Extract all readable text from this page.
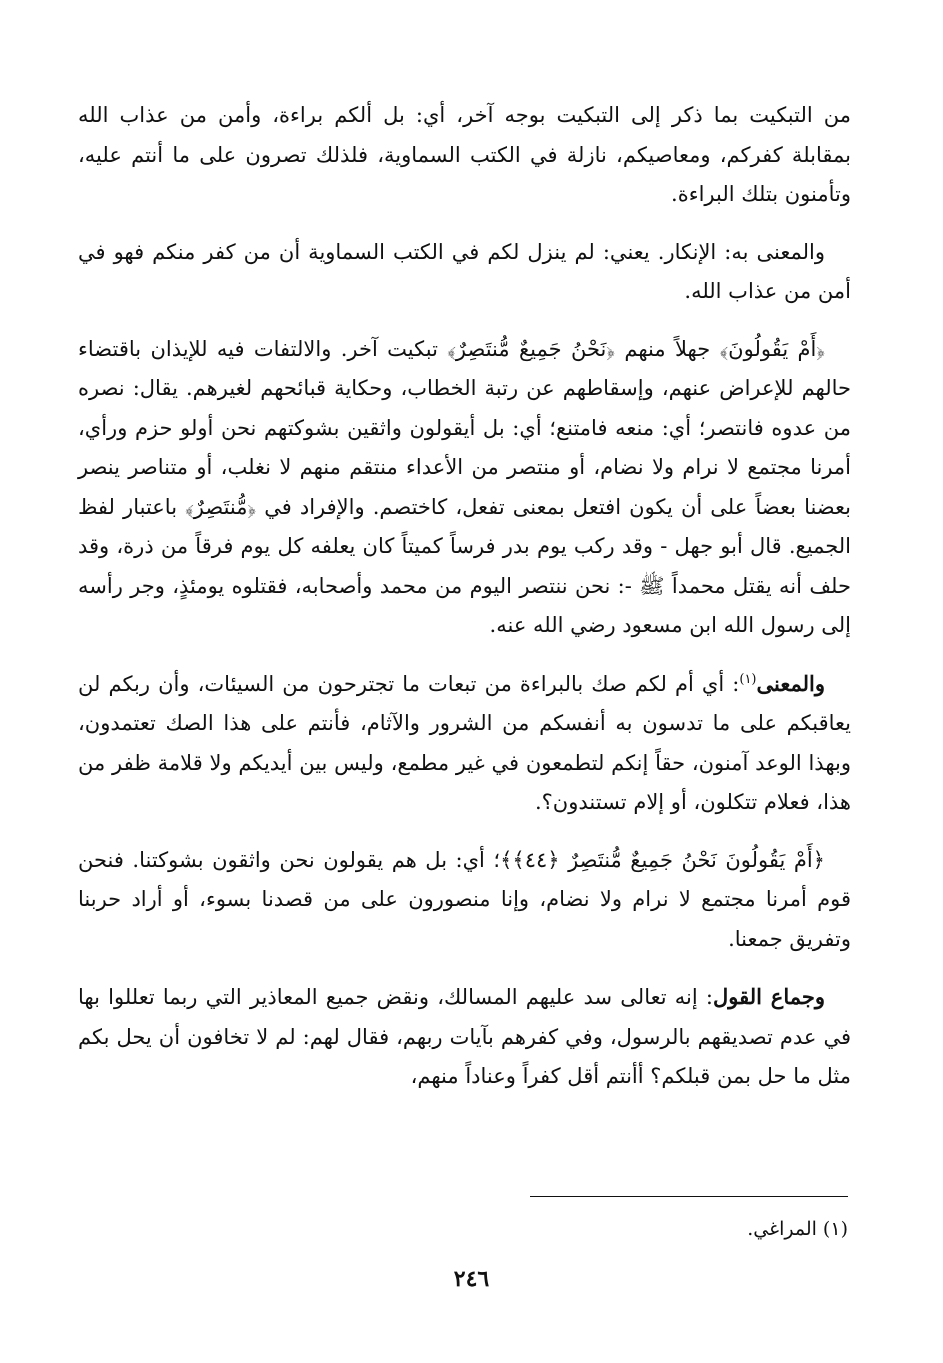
من التبكيت بما ذكر إلى التبكيت بوجه آخر، أي: بل ألكم براءة، وأمن من عذاب الله بمقابلة كفركم، ومعاصيكم، نازلة في الكتب السماوية، فلذلك تصرون على ما أنتم عليه، وتأمنون بتلك البراءة.

والمعنى به: الإنكار. يعني: لم ينزل لكم في الكتب السماوية أن من كفر منكم فهو في أمن من عذاب الله.

﴿أَمْ يَقُولُونَ﴾ جهلاً منهم ﴿نَحْنُ جَمِيعٌ مُّنتَصِرٌ﴾ تبكيت آخر. والالتفات فيه للإيذان باقتضاء حالهم للإعراض عنهم، وإسقاطهم عن رتبة الخطاب، وحكاية قبائحهم لغيرهم. يقال: نصره من عدوه فانتصر؛ أي: منعه فامتنع؛ أي: بل أيقولون واثقين بشوكتهم نحن أولو حزم ورأي، أمرنا مجتمع لا نرام ولا نضام، أو منتصر من الأعداء منتقم منهم لا نغلب، أو متناصر ينصر بعضنا بعضاً على أن يكون افتعل بمعنى تفعل، كاختصم. والإفراد في ﴿مُّنتَصِرٌ﴾ باعتبار لفظ الجميع. قال أبو جهل - وقد ركب يوم بدر فرساً كميتاً كان يعلفه كل يوم فرقاً من ذرة، وقد حلف أنه يقتل محمداً ﷺ -: نحن ننتصر اليوم من محمد وأصحابه، فقتلوه يومئذٍ، وجر رأسه إلى رسول الله ابن مسعود رضي الله عنه.

والمعنى$^{(١)}$: أي أم لكم صك بالبراءة من تبعات ما تجترحون من السيئات، وأن ربكم لن يعاقبكم على ما تدسون به أنفسكم من الشرور والآثام، فأنتم على هذا الصك تعتمدون، وبهذا الوعد آمنون، حقاً إنكم لتطمعون في غير مطمع، وليس بين أيديكم ولا قلامة ظفر من هذا، فعلام تتكلون، أو إلام تستندون؟.

﴿أَمْ يَقُولُونَ نَحْنُ جَمِيعٌ مُّنتَصِرٌ ﴿٤٤﴾﴾؛ أي: بل هم يقولون نحن واثقون بشوكتنا. فنحن قوم أمرنا مجتمع لا نرام ولا نضام، وإنا منصورون على من قصدنا بسوء، أو أراد حربنا وتفريق جمعنا.

وجماع القول: إنه تعالى سد عليهم المسالك، ونقض جميع المعاذير التي ربما تعللوا بها في عدم تصديقهم بالرسول، وفي كفرهم بآيات ربهم، فقال لهم: لم لا تخافون أن يحل بكم مثل ما حل بمن قبلكم؟ أأنتم أقل كفراً وعناداً منهم،

(١) المراغي.
٢٤٦
